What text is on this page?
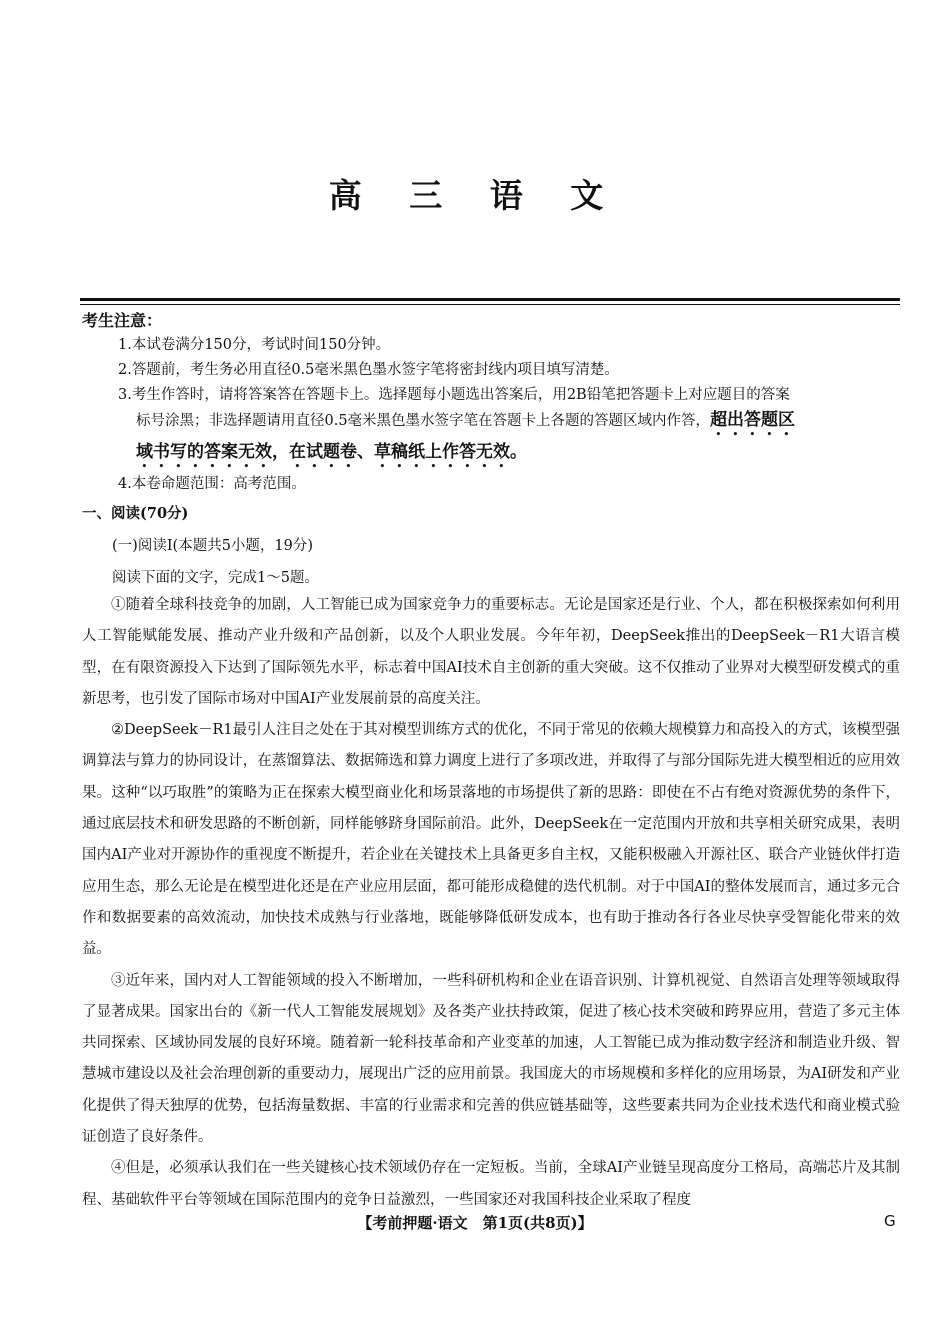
高 三 语 文
考生注意：
1.本试卷满分150分，考试时间150分钟。
2.答题前，考生务必用直径0.5毫米黑色墨水签字笔将密封线内项目填写清楚。
3.考生作答时，请将答案答在答题卡上。选择题每小题选出答案后，用2B铅笔把答题卡上对应题目的答案
标号涂黑；非选择题请用直径0.5毫米黑色墨水签字笔在答题卡上各题的答题区域内作答，超出答题区
域书写的答案无效，在试题卷、草稿纸上作答无效。
4.本卷命题范围：高考范围。
一、阅读(70分)
(一)阅读Ⅰ(本题共5小题，19分)
阅读下面的文字，完成1～5题。

①随着全球科技竞争的加剧，人工智能已成为国家竞争力的重要标志。无论是国家还是行业、个人，都在积极探索如何利用人工智能赋能发展、推动产业升级和产品创新，以及个人职业发展。今年年初，DeepSeek推出的DeepSeek－R1大语言模型，在有限资源投入下达到了国际领先水平，标志着中国AI技术自主创新的重大突破。这不仅推动了业界对大模型研发模式的重新思考，也引发了国际市场对中国AI产业发展前景的高度关注。

②DeepSeek－R1最引人注目之处在于其对模型训练方式的优化，不同于常见的依赖大规模算力和高投入的方式，该模型强调算法与算力的协同设计，在蒸馏算法、数据筛选和算力调度上进行了多项改进，并取得了与部分国际先进大模型相近的应用效果。这种“以巧取胜”的策略为正在探索大模型商业化和场景落地的市场提供了新的思路：即使在不占有绝对资源优势的条件下，通过底层技术和研发思路的不断创新，同样能够跻身国际前沿。此外，DeepSeek在一定范围内开放和共享相关研究成果，表明国内AI产业对开源协作的重视度不断提升，若企业在关键技术上具备更多自主权，又能积极融入开源社区、联合产业链伙伴打造应用生态，那么无论是在模型进化还是在产业应用层面，都可能形成稳健的迭代机制。对于中国AI的整体发展而言，通过多元合作和数据要素的高效流动，加快技术成熟与行业落地，既能够降低研发成本，也有助于推动各行各业尽快享受智能化带来的效益。

③近年来，国内对人工智能领域的投入不断增加，一些科研机构和企业在语音识别、计算机视觉、自然语言处理等领域取得了显著成果。国家出台的《新一代人工智能发展规划》及各类产业扶持政策，促进了核心技术突破和跨界应用，营造了多元主体共同探索、区域协同发展的良好环境。随着新一轮科技革命和产业变革的加速，人工智能已成为推动数字经济和制造业升级、智慧城市建设以及社会治理创新的重要动力，展现出广泛的应用前景。我国庞大的市场规模和多样化的应用场景，为AI研发和产业化提供了得天独厚的优势，包括海量数据、丰富的行业需求和完善的供应链基础等，这些要素共同为企业技术迭代和商业模式验证创造了良好条件。

④但是，必须承认我们在一些关键核心技术领域仍存在一定短板。当前，全球AI产业链呈现高度分工格局，高端芯片及其制程、基础软件平台等领域在国际范围内的竞争日益激烈，一些国家还对我国科技企业采取了程度

【考前押题·语文　第1页(共8页)】	G
